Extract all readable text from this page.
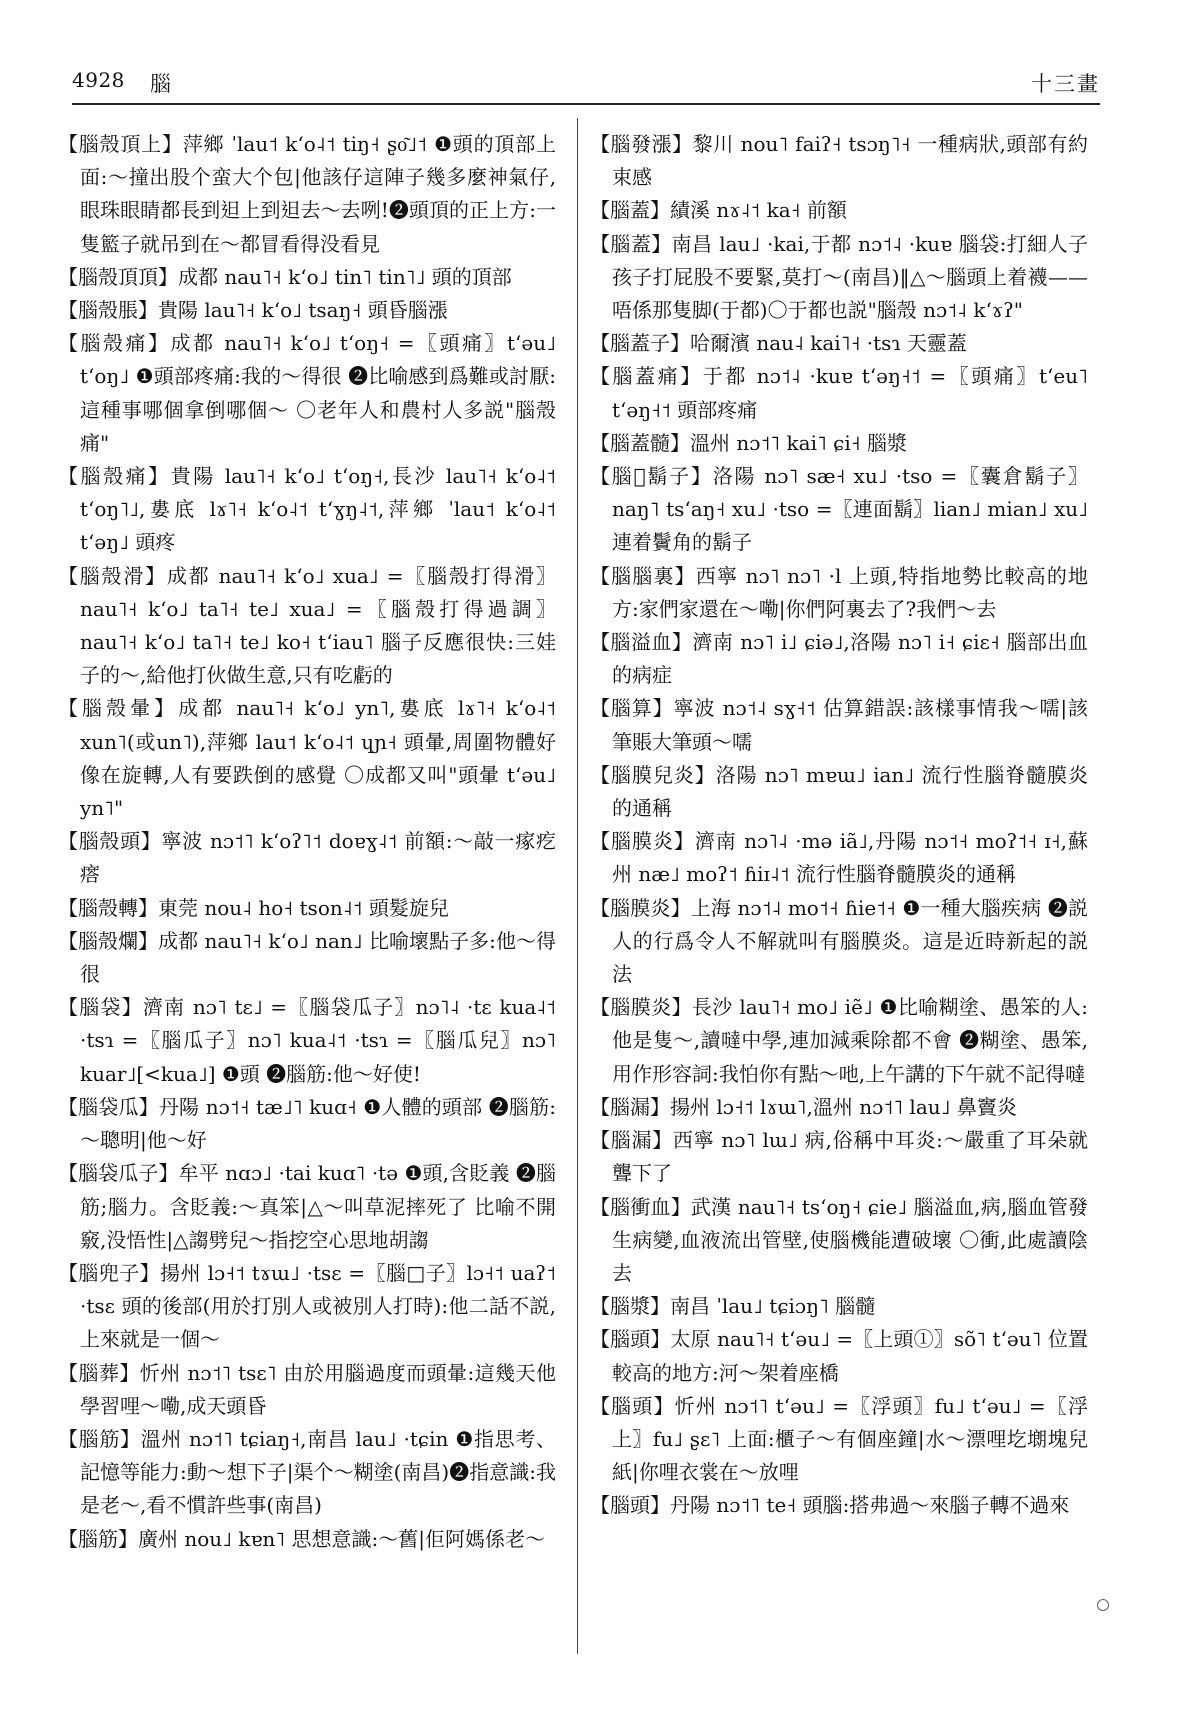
4928 腦	十三畫

【腦殼頂上】萍鄉 ˈlau˦ kʻo˨˦ tiŋ˧ ʂo͂˩˦ ❶頭的頂部上面:～撞出股个蛮大个包|他該仔這陣子幾多麼神氣仔,眼珠眼睛都長到𨑨上到𨑨去～去咧!❷頭頂的正上方:一隻籃子就吊到在～都冒看得没看見

【腦殼頂頂】成都 nau˥˧ kʻo˩ tin˥ tin˥˩ 頭的頂部

【腦殼脹】貴陽 lau˥˧ kʻo˩ tsaŋ˧ 頭昏腦漲

【腦殼痛】成都 nau˥˧ kʻo˩ tʻoŋ˧ =〖頭痛〗tʻəu˩ tʻoŋ˩ ❶頭部疼痛:我的～得很 ❷比喻感到爲難或討厭:這種事哪個拿倒哪個～ 〇老年人和農村人多説"腦殼痛"

【腦殼痛】貴陽 lau˥˧ kʻo˩ tʻoŋ˧,長沙 lau˥˧ kʻo˨˦ tʻoŋ˥˩,婁底 lɤ˥˧ kʻo˨˦ tʻɣŋ˨˦,萍鄉 ˈlau˦ kʻo˨˦ tʻəŋ˩ 頭疼

【腦殼滑】成都 nau˥˧ kʻo˩ xua˩ =〖腦殼打得滑〗nau˥˧ kʻo˩ ta˥˧ te˩ xua˩ =〖腦殼打得過調〗nau˥˧ kʻo˩ ta˥˧ te˩ ko˧ tʻiau˥ 腦子反應很快:三娃子的～,給他打伙做生意,只有吃虧的

【腦殼暈】成都 nau˥˧ kʻo˩ yn˥,婁底 lɤ˥˧ kʻo˨˦ xun˥(或un˥),萍鄉 lau˦ kʻo˨˦ ɥɲ˧ 頭暈,周圍物體好像在旋轉,人有要跌倒的感覺 〇成都又叫"頭暈 tʻəu˩ yn˥"

【腦殼頭】寧波 nɔ˦˥ kʻoʔ˥˦ doɐɣ˨˦ 前額:～敲一瘃疙瘩

【腦殼轉】東莞 nou˨ ho˧ tson˨˦ 頭髮旋兒

【腦殼爛】成都 nau˥˧ kʻo˩ nan˩ 比喻壞點子多:他～得很

【腦袋】濟南 nɔ˥ tɛ˩ =〖腦袋瓜子〗nɔ˥˨ ·tɛ kua˨˦ ·tsɿ =〖腦瓜子〗nɔ˥ kua˨˦ ·tsɿ =〖腦瓜兒〗nɔ˥ kuar˩[<kua˩] ❶頭 ❷腦筋:他～好使!

【腦袋瓜】丹陽 nɔ˦˧ tæ˩˥ kuɑ˧ ❶人體的頭部 ❷腦筋:～聰明|他～好

【腦袋瓜子】牟平 nɑɔ˩ ·tai kuɑ˥ ·tə ❶頭,含貶義 ❷腦筋;腦力。含貶義:～真笨|△～叫草泥摔死了 比喻不開竅,没悟性|△謅劈兒～指挖空心思地胡謅

【腦兜子】揚州 lɔ˧˦ tɤɯ˩ ·tsɛ =〖腦□子〗lɔ˧˦ uaʔ˦ ·tsɛ 頭的後部(用於打別人或被別人打時):他二話不説,上來就是一個～

【腦葬】忻州 nɔ˦˥ tsɛ˥ 由於用腦過度而頭暈:這幾天他學習哩～嘞,成天頭昏

【腦筋】溫州 nɔ˦˥ tɕiaŋ˧,南昌 lau˩ ·tɕin ❶指思考、記憶等能力:動～想下子|渠个～糊塗(南昌)❷指意識:我是老～,看不慣許些事(南昌)

【腦筋】廣州 nou˩ kɐn˥ 思想意識:～舊|佢阿媽係老～

【腦發漲】黎川 nou˥ faiʔ˧ tsɔŋ˥˧ 一種病狀,頭部有約束感

【腦蓋】績溪 nɤ˨˦ ka˧ 前額

【腦蓋】南昌 lau˩ ·kai,于都 nɔ˦˨ ·kuɐ 腦袋:打細人子孩子打屁股不要緊,莫打～(南昌)‖△～腦頭上着襪——唔係那隻脚(于都)〇于都也説"腦殼 nɔ˦˨ kʻɤʔ"

【腦蓋子】哈爾濱 nau˨ kai˥˧ ·tsɿ 天靈蓋

【腦蓋痛】于都 nɔ˦˨ ·kuɐ tʻəŋ˧˦ =〖頭痛〗tʻeu˥ tʻəŋ˧˦ 頭部疼痛

【腦蓋髓】溫州 nɔ˦˥ kai˥ ɕi˧ 腦漿

【腦𩪏鬍子】洛陽 nɔ˥ sæ˧ xu˩ ·tso =〖囊倉鬍子〗naŋ˥ tsʻaŋ˧ xu˩ ·tso =〖連面鬍〗lian˩ mian˩ xu˩ 連着鬢角的鬍子

【腦腦裏】西寧 nɔ˥ nɔ˥ ·l 上頭,特指地勢比較高的地方:家們家還在～嘞|你們阿裏去了?我們～去

【腦溢血】濟南 nɔ˥ i˩ ɕiə˩,洛陽 nɔ˥ i˧ ɕiɛ˧ 腦部出血的病症

【腦算】寧波 nɔ˦˨ sɣ˧˦ 估算錯誤:該樣事情我～嚅|該筆賬大筆頭～嚅

【腦膜兒炎】洛陽 nɔ˥ mɐɯ˩ ian˩ 流行性腦脊髓膜炎的通稱

【腦膜炎】濟南 nɔ˥˨ ·mə iã˩,丹陽 nɔ˦˧ moʔ˦˧ ɪ˧,蘇州 næ˩ moʔ˦ ɦiɪ˨˦ 流行性腦脊髓膜炎的通稱

【腦膜炎】上海 nɔ˦˨ mo˦˧ ɦie˦˧ ❶一種大腦疾病 ❷説人的行爲令人不解就叫有腦膜炎。這是近時新起的説法

【腦膜炎】長沙 lau˥˧ mo˩ iẽ˩ ❶比喻糊塗、愚笨的人:他是隻～,讀噠中學,連加減乘除都不會 ❷糊塗、愚笨,用作形容詞:我怕你有點～吔,上午講的下午就不記得噠

【腦漏】揚州 lɔ˧˦ lɤɯ˥,溫州 nɔ˦˥ lau˩ 鼻竇炎

【腦漏】西寧 nɔ˥ lɯ˩ 病,俗稱中耳炎:～嚴重了耳朵就聾下了

【腦衝血】武漢 nau˥˧ tsʻoŋ˧ ɕie˩ 腦溢血,病,腦血管發生病變,血液流出管壁,使腦機能遭破壞 〇衝,此處讀陰去

【腦漿】南昌 ˈlau˩ tɕiɔŋ˥ 腦髓

【腦頭】太原 nau˥˧ tʻəu˩ =〖上頭①〗sõ˥ tʻəu˥ 位置較高的地方:河～架着座橋

【腦頭】忻州 nɔ˦˥ tʻəu˩ =〖浮頭〗fu˩ tʻəu˩ =〖浮上〗fu˩ ʂɛ˥ 上面:櫃子～有個座鐘|水～漂哩圪㙟塊兒紙|你哩衣裳在～放哩

【腦頭】丹陽 nɔ˦˥ te˧ 頭腦:搭弗過～來腦子轉不過來
